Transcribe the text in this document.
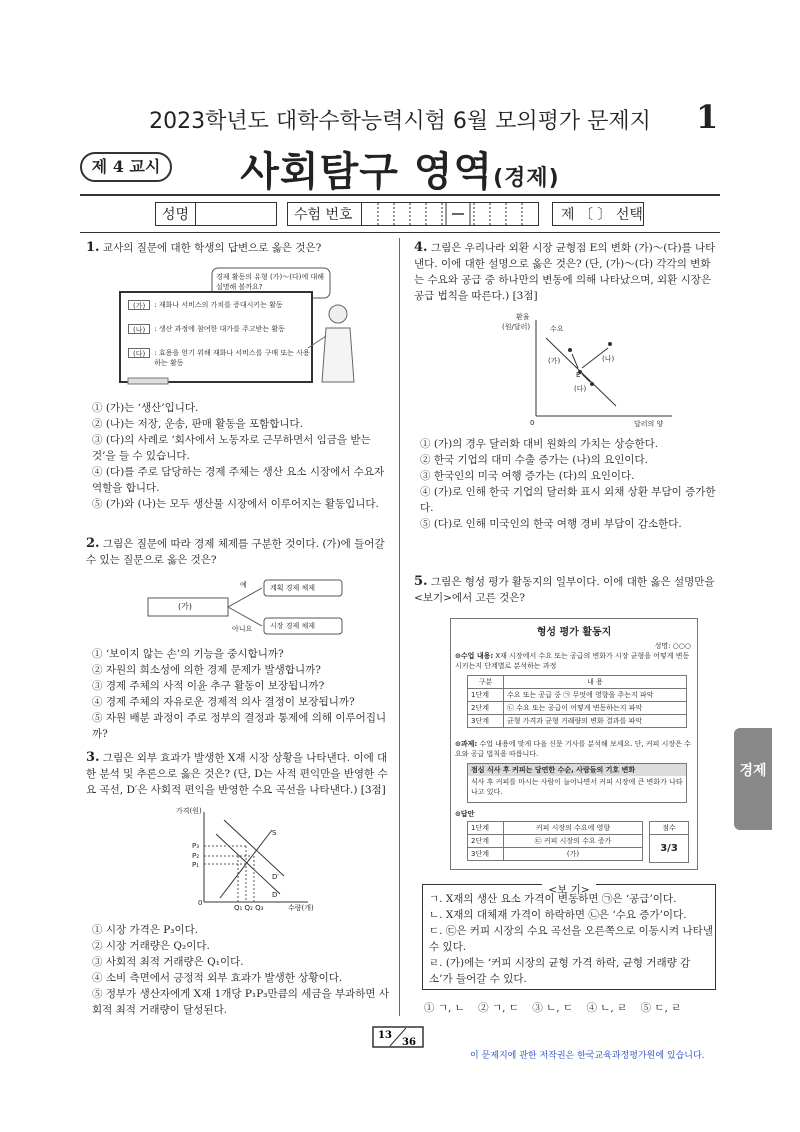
2023학년도 대학수학능력시험 6월 모의평가 문제지	1
제 4 교시	사회탐구 영역(경제)
성명	수험 번호	제 〔 〕 선택
1. 교사의 질문에 대한 학생의 답변으로 옳은 것은?
경제 활동의 유형 (가)～(다)에 대해 설명해 볼까요?
(가)	: 재화나 서비스의 가치를 증대시키는 활동
(나)	: 생산 과정에 참여한 대가를 주고받는 활동
(다)	: 효용을 얻기 위해 재화나 서비스를 구매 또는 사용하는 활동
① (가)는 ‘생산’입니다.
② (나)는 저장, 운송, 판매 활동을 포함합니다.
③ (다)의 사례로 ‘회사에서 노동자로 근무하면서 임금을 받는 것’을 들 수 있습니다.
④ (다)를 주로 담당하는 경제 주체는 생산 요소 시장에서 수요자 역할을 합니다.
⑤ (가)와 (나)는 모두 생산물 시장에서 이루어지는 활동입니다.
2. 그림은 질문에 따라 경제 체제를 구분한 것이다. (가)에 들어갈 수 있는 질문으로 옳은 것은?
(가)
예
아니요
계획 경제 체제
시장 경제 체제
① ‘보이지 않는 손’의 기능을 중시합니까?
② 자원의 희소성에 의한 경제 문제가 발생합니까?
③ 경제 주체의 사적 이윤 추구 활동이 보장됩니까?
④ 경제 주체의 자유로운 경제적 의사 결정이 보장됩니까?
⑤ 자원 배분 과정이 주로 정부의 결정과 통제에 의해 이루어집니까?
3. 그림은 외부 효과가 발생한 X재 시장 상황을 나타낸다. 이에 대한 분석 및 추론으로 옳은 것은? (단, D는 사적 편익만을 반영한 수요 곡선, D′은 사회적 편익을 반영한 수요 곡선을 나타낸다.) [3점]
가격(원)
수량(개)
0
P₃
P₂
P₁
Q₁ Q₂ Q₃
S
D′
D
① 시장 가격은 P₃이다.
② 시장 거래량은 Q₂이다.
③ 사회적 최적 거래량은 Q₁이다.
④ 소비 측면에서 긍정적 외부 효과가 발생한 상황이다.
⑤ 정부가 생산자에게 X재 1개당 P₁P₃만큼의 세금을 부과하면 사회적 최적 거래량이 달성된다.
4. 그림은 우리나라 외환 시장 균형점 E의 변화 (가)～(다)를 나타낸다. 이에 대한 설명으로 옳은 것은? (단, (가)～(다) 각각의 변화는 수요와 공급 중 하나만의 변동에 의해 나타났으며, 외환 시장은 공급 법칙을 따른다.) [3점]
환율
(원/달러)	수요
(가)	(나)
(다)
E
0	달러의 양
① (가)의 경우 달러화 대비 원화의 가치는 상승한다.
② 한국 기업의 대미 수출 증가는 (나)의 요인이다.
③ 한국인의 미국 여행 증가는 (다)의 요인이다.
④ (가)로 인해 한국 기업의 달러화 표시 외채 상환 부담이 증가한다.
⑤ (다)로 인해 미국인의 한국 여행 경비 부담이 감소한다.
5. 그림은 형성 평가 활동지의 일부이다. 이에 대한 옳은 설명만을 <보기>에서 고른 것은?
형성 평가 활동지
성명: ○○○
⊙수업 내용: X재 시장에서 수요 또는 공급의 변화가 시장 균형을 어떻게 변동시키는지 단계별로 분석하는 과정
구분	내 용
1단계	수요 또는 공급 중 ㉠ 무엇에 영향을 주는지 파악
2단계	㉡ 수요 또는 공급이 어떻게 변동하는지 파악
3단계	균형 가격과 균형 거래량의 변화 결과를 파악
⊙과제: 수업 내용에 맞게 다음 신문 기사를 분석해 보세요. 단, 커피 시장은 수요와 공급 법칙을 따릅니다.
점심 식사 후 커피는 당연한 수순, 사람들의 기호 변화
식사 후 커피를 마시는 사람이 늘어나면서 커피 시장에 큰 변화가 나타나고 있다.
⊙답안
1단계	커피 시장의 수요에 영향
2단계	㉢ 커피 시장의 수요 증가
3단계	(가)
점수
3/3
<보 기>
ㄱ. X재의 생산 요소 가격이 변동하면 ㉠은 ‘공급’이다.
ㄴ. X재의 대체재 가격이 하락하면 ㉡은 ‘수요 증가’이다.
ㄷ. ㉢은 커피 시장의 수요 곡선을 오른쪽으로 이동시켜 나타낼 수 있다.
ㄹ. (가)에는 ‘커피 시장의 균형 가격 하락, 균형 거래량 감소’가 들어갈 수 있다.
① ㄱ, ㄴ    ② ㄱ, ㄷ    ③ ㄴ, ㄷ    ④ ㄴ, ㄹ    ⑤ ㄷ, ㄹ
경제
13
36
이 문제지에 관한 저작권은 한국교육과정평가원에 있습니다.
